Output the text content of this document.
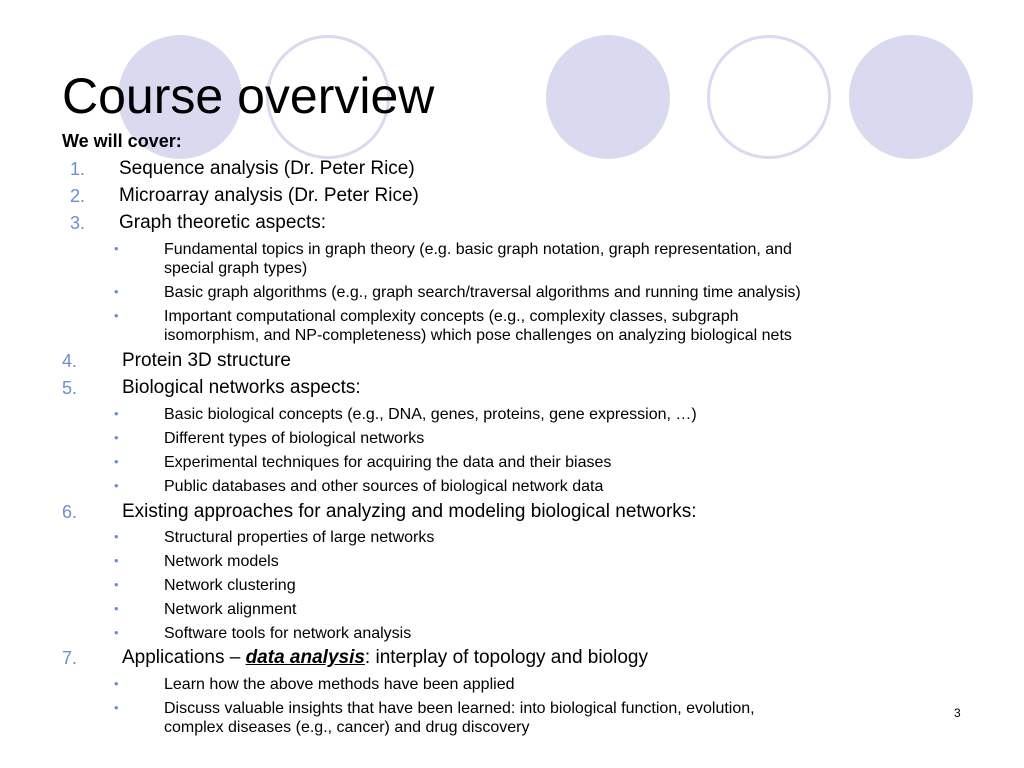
Course overview
We will cover:
1.	Sequence analysis (Dr. Peter Rice)
2.	Microarray analysis (Dr. Peter Rice)
3.	Graph theoretic aspects:
•	Fundamental topics in graph theory (e.g. basic graph notation, graph representation, and
special graph types)
•	Basic graph algorithms (e.g., graph search/traversal algorithms and running time analysis)
•	Important computational complexity concepts (e.g., complexity classes, subgraph
isomorphism, and NP-completeness) which pose challenges on analyzing biological nets
4.	Protein 3D structure
5.	Biological networks aspects:
•	Basic biological concepts (e.g., DNA, genes, proteins, gene expression, …)
•	Different types of biological networks
•	Experimental techniques for acquiring the data and their biases
•	Public databases and other sources of biological network data
6.	Existing approaches for analyzing and modeling biological networks:
•	Structural properties of large networks
•	Network models
•	Network clustering
•	Network alignment
•	Software tools for network analysis
7.	Applications – data analysis: interplay of topology and biology
•	Learn how the above methods have been applied
•	Discuss valuable insights that have been learned: into biological function, evolution,
complex diseases (e.g., cancer) and drug discovery
3
